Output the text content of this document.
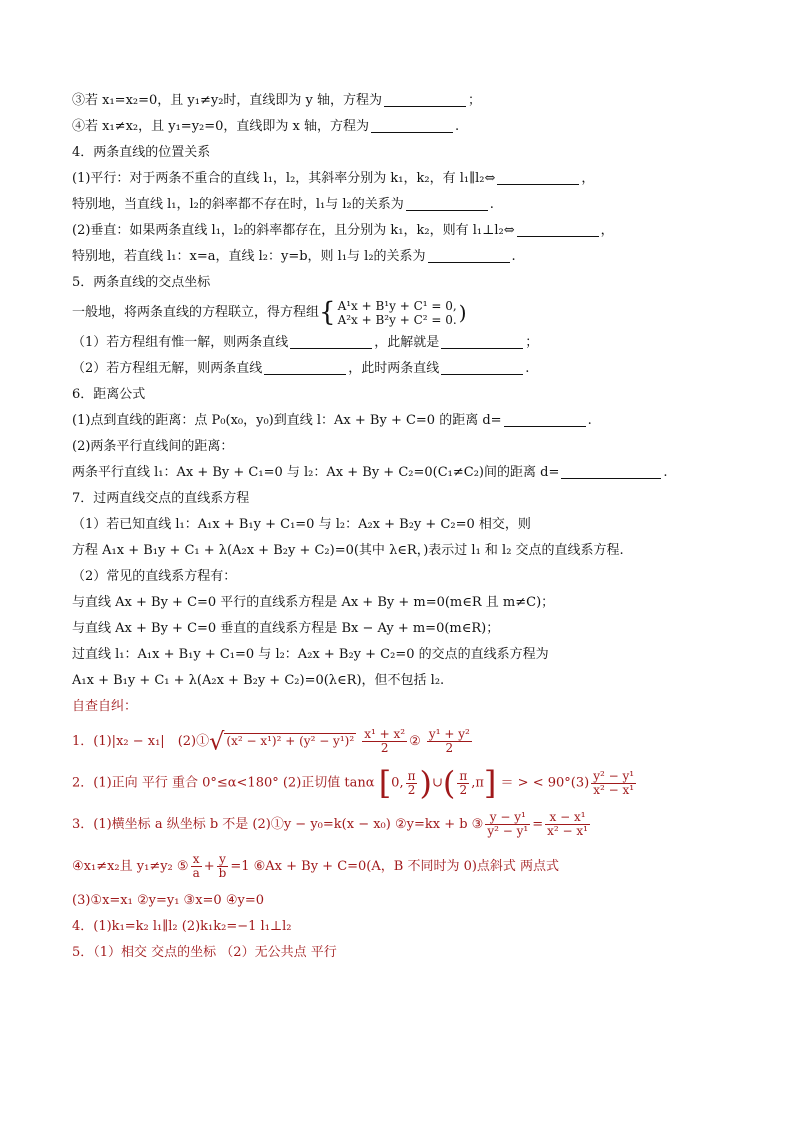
③若 x₁=x₂=0，且 y₁≠y₂时，直线即为 y 轴，方程为	；
④若 x₁≠x₂，且 y₁=y₂=0，直线即为 x 轴，方程为	.
4．两条直线的位置关系
(1)平行：对于两条不重合的直线 l₁，l₂，其斜率分别为 k₁，k₂，有 l₁∥l₂⇔	，
特别地，当直线 l₁，l₂的斜率都不存在时，l₁与 l₂的关系为	.
(2)垂直：如果两条直线 l₁，l₂的斜率都存在，且分别为 k₁，k₂，则有 l₁⊥l₂⇔	，
特别地，若直线 l₁：x=a，直线 l₂：y=b，则 l₁与 l₂的关系为	.
5．两条直线的交点坐标
一般地，将两条直线的方程联立，得方程组{ A¹x + B¹y + C¹ = 0,
A²x + B²y + C² = 0. )
（1）若方程组有惟一解，则两条直线	，此解就是	；
（2）若方程组无解，则两条直线	，此时两条直线	.
6．距离公式
(1)点到直线的距离：点 P₀(x₀，y₀)到直线 l：Ax + By + C=0 的距离 d=	.
(2)两条平行直线间的距离：
两条平行直线 l₁：Ax + By + C₁=0 与 l₂：Ax + By + C₂=0(C₁≠C₂)间的距离 d=	.
7．过两直线交点的直线系方程
（1）若已知直线 l₁：A₁x + B₁y + C₁=0 与 l₂：A₂x + B₂y + C₂=0 相交，则
方程 A₁x + B₁y + C₁ + λ(A₂x + B₂y + C₂)=0(其中 λ∈R，)表示过 l₁ 和 l₂ 交点的直线系方程.
（2）常见的直线系方程有：
与直线 Ax + By + C=0 平行的直线系方程是 Ax + By + m=0(m∈R 且 m≠C)；
与直线 Ax + By + C=0 垂直的直线系方程是 Bx − Ay + m=0(m∈R)；
过直线 l₁：A₁x + B₁y + C₁=0 与 l₂：A₂x + B₂y + C₂=0 的交点的直线系方程为
A₁x + B₁y + C₁ + λ(A₂x + B₂y + C₂)=0(λ∈R)，但不包括 l₂.
自查自纠：
1．(1)|x₂ − x₁|　(2)①√ $(x^2 - x^1)^2 + (y^2 - y^1)^2 \frac{\text{x¹ + x²}}{2}$ ② $\frac{\text{y¹ + y²}}{2}$
2．(1)正向 平行 重合 0°≤α<180° (2)正切值 tanα [0, $\frac{\pi}{2}$ )∪( $\frac{\pi}{2} ,\pi$] ＝ > < $90^\circ(3) \frac{\text{y² − y¹}}{\text{x² − x¹}}$
3．(1)横坐标 a 纵坐标 b 不是 (2)①y − y₀=k(x − x₀) ②y=kx + b ③ $\frac{\text{y − y¹}}{\text{y² − y¹}} = \frac{\text{x − x¹}}{\text{x² − x¹}}$
④x₁≠x₂且 y₁≠y₂ ⑤ $\frac{x}{a} + \frac{y}{b} =1$ ⑥Ax + By + C=0(A，B 不同时为 0)点斜式 两点式
(3)①x=x₁ ②y=y₁ ③x=0 ④y=0
4．(1)k₁=k₂ l₁∥l₂ (2)k₁k₂=−1 l₁⊥l₂
5．（1）相交 交点的坐标 （2）无公共点 平行
